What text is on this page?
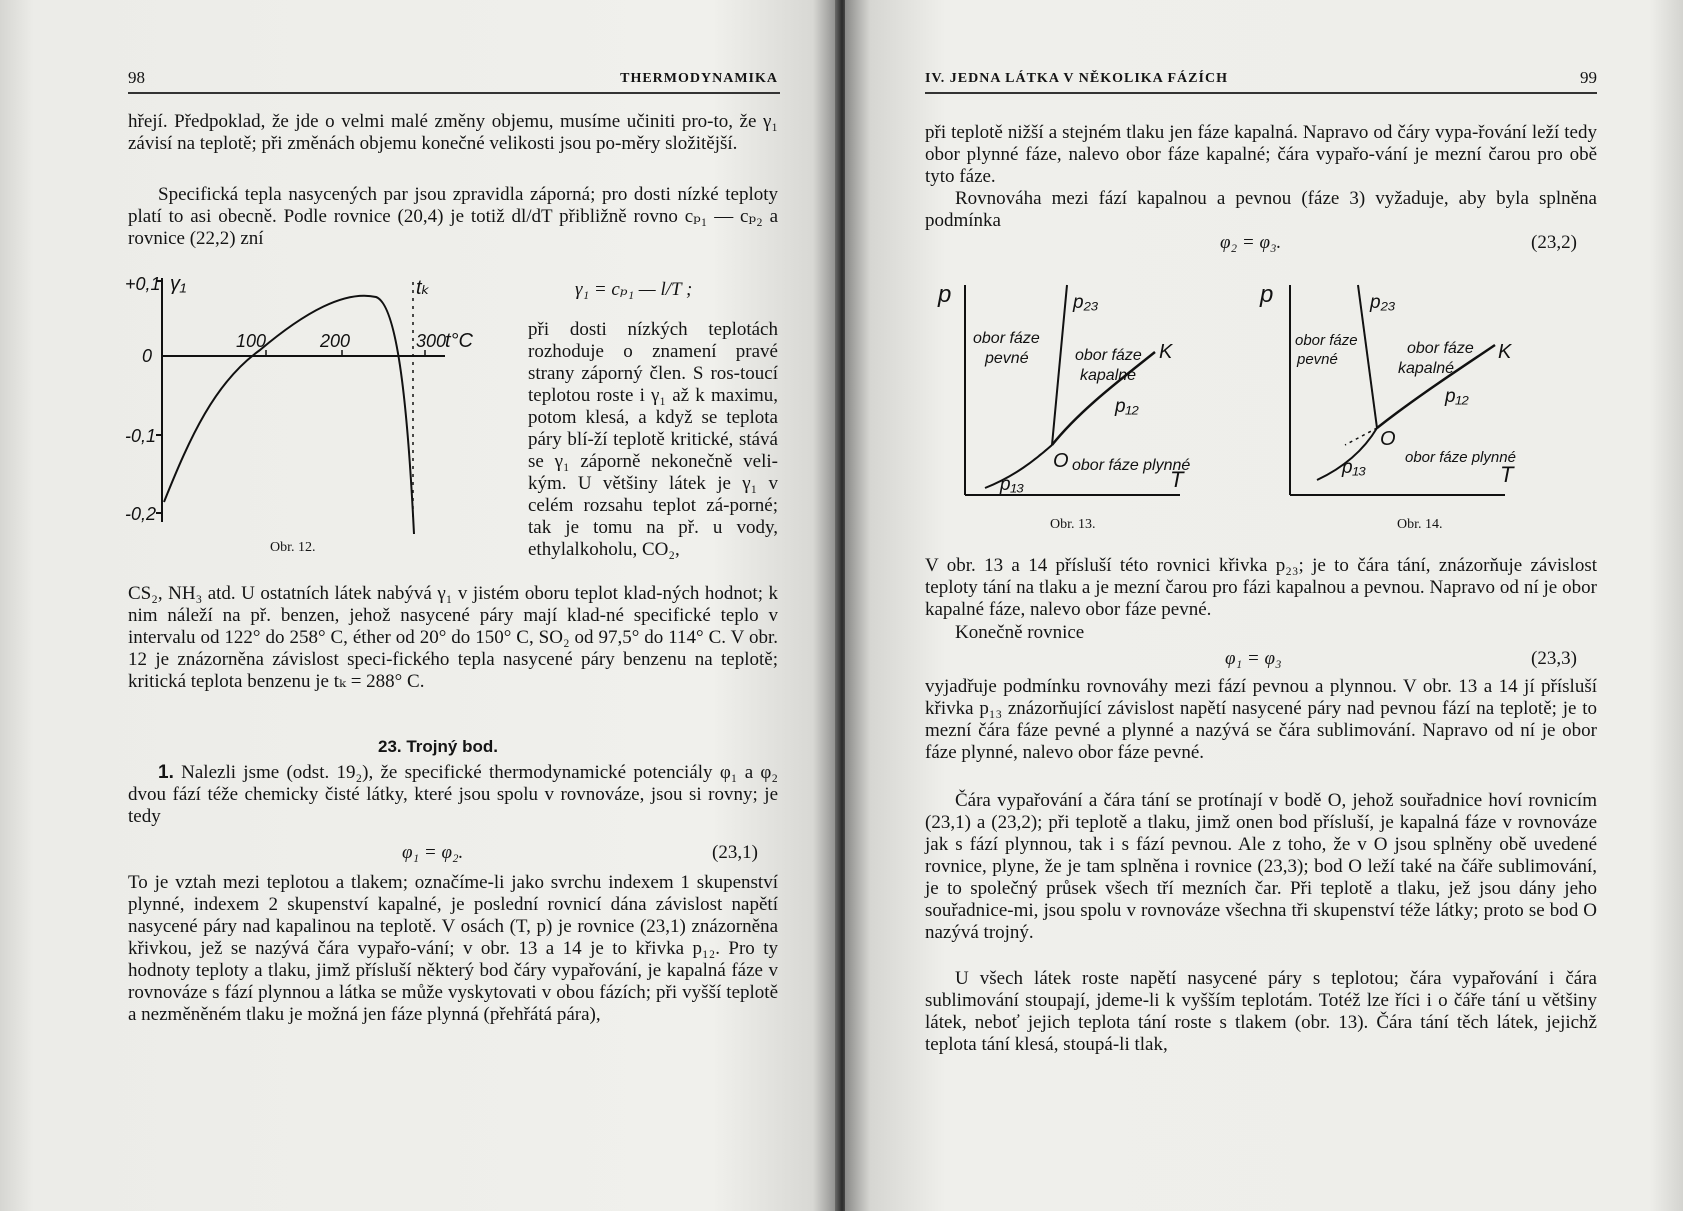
98	THERMODYNAMIKA

hřejí. Předpoklad, že jde o velmi malé změny objemu, musíme učiniti pro-to, že γ₁ závisí na teplotě; při změnách objemu konečné velikosti jsou po-měry složitější.

Specifická tepla nasycených par jsou zpravidla záporná; pro dosti nízké teploty platí to asi obecně. Podle rovnice (20,4) je totiž dl/dT přibližně rovno cₚ₁ — cₚ₂ a rovnice (22,2) zní

+0,1
0
-0,1
-0,2
100	200	300
t°C
γ₁	tₖ
Obr. 12.
γ₁ = cₚ₁ — l/T ;

při dosti nízkých teplotách rozhoduje o znamení pravé strany záporný člen. S ros-toucí teplotou roste i γ₁ až k maximu, potom klesá, a když se teplota páry blí-ží teplotě kritické, stává se γ₁ záporně nekonečně veli-kým. U většiny látek je γ₁ v celém rozsahu teplot zá-porné; tak je tomu na př. u vody, ethylalkoholu, CO₂,

CS₂, NH₃ atd. U ostatních látek nabývá γ₁ v jistém oboru teplot klad-ných hodnot; k nim náleží na př. benzen, jehož nasycené páry mají klad-né specifické teplo v intervalu od 122° do 258° C, éther od 20° do 150° C, SO₂ od 97,5° do 114° C. V obr. 12 je znázorněna závislost speci-fického tepla nasycené páry benzenu na teplotě; kritická teplota benzenu je tₖ = 288° C.

23. Trojný bod.

1. Nalezli jsme (odst. 19₂), že specifické thermodynamické potenciály φ₁ a φ₂ dvou fází téže chemicky čisté látky, které jsou spolu v rovnováze, jsou si rovny; je tedy

φ₁ = φ₂.	(23,1)

To je vztah mezi teplotou a tlakem; označíme-li jako svrchu indexem 1 skupenství plynné, indexem 2 skupenství kapalné, je poslední rovnicí dána závislost napětí nasycené páry nad kapalinou na teplotě. V osách (T, p) je rovnice (23,1) znázorněna křivkou, jež se nazývá čára vypařo-vání; v obr. 13 a 14 je to křivka p₁₂. Pro ty hodnoty teploty a tlaku, jimž přísluší některý bod čáry vypařování, je kapalná fáze v rovnováze s fází plynnou a látka se může vyskytovati v obou fázích; při vyšší teplotě a nezměněném tlaku je možná jen fáze plynná (přehřátá pára),

IV. JEDNA LÁTKA V NĚKOLIKA FÁZÍCH	99

při teplotě nižší a stejném tlaku jen fáze kapalná. Napravo od čáry vypa-řování leží tedy obor plynné fáze, nalevo obor fáze kapalné; čára vypařo-vání je mezní čarou pro obě tyto fáze.

Rovnováha mezi fází kapalnou a pevnou (fáze 3) vyžaduje, aby byla splněna podmínka

φ₂ = φ₃.	(23,2)
p
T
p₂₃
K
p₁₂
O
p₁₃
obor fáze
pevné	obor fáze
kapalné
obor fáze plynné
Obr. 13.
p
T
p₂₃
K
p₁₂
O
p₁₃
obor fáze
pevné
obor fáze
kapalné
obor fáze plynné
Obr. 14.

V obr. 13 a 14 přísluší této rovnici křivka p₂₃; je to čára tání, znázorňuje závislost teploty tání na tlaku a je mezní čarou pro fázi kapalnou a pevnou. Napravo od ní je obor kapalné fáze, nalevo obor fáze pevné.

Konečně rovnice

φ₁ = φ₃	(23,3)

vyjadřuje podmínku rovnováhy mezi fází pevnou a plynnou. V obr. 13 a 14 jí přísluší křivka p₁₃ znázorňující závislost napětí nasycené páry nad pevnou fází na teplotě; je to mezní čára fáze pevné a plynné a nazývá se čára sublimování. Napravo od ní je obor fáze plynné, nalevo obor fáze pevné.

Čára vypařování a čára tání se protínají v bodě O, jehož souřadnice hoví rovnicím (23,1) a (23,2); při teplotě a tlaku, jimž onen bod přísluší, je kapalná fáze v rovnováze jak s fází plynnou, tak i s fází pevnou. Ale z toho, že v O jsou splněny obě uvedené rovnice, plyne, že je tam splněna i rovnice (23,3); bod O leží také na čáře sublimování, je to společný průsek všech tří mezních čar. Při teplotě a tlaku, jež jsou dány jeho souřadnice-mi, jsou spolu v rovnováze všechna tři skupenství téže látky; proto se bod O nazývá trojný.

U všech látek roste napětí nasycené páry s teplotou; čára vypařování i čára sublimování stoupají, jdeme-li k vyšším teplotám. Totéž lze říci i o čáře tání u většiny látek, neboť jejich teplota tání roste s tlakem (obr. 13). Čára tání těch látek, jejichž teplota tání klesá, stoupá-li tlak,
